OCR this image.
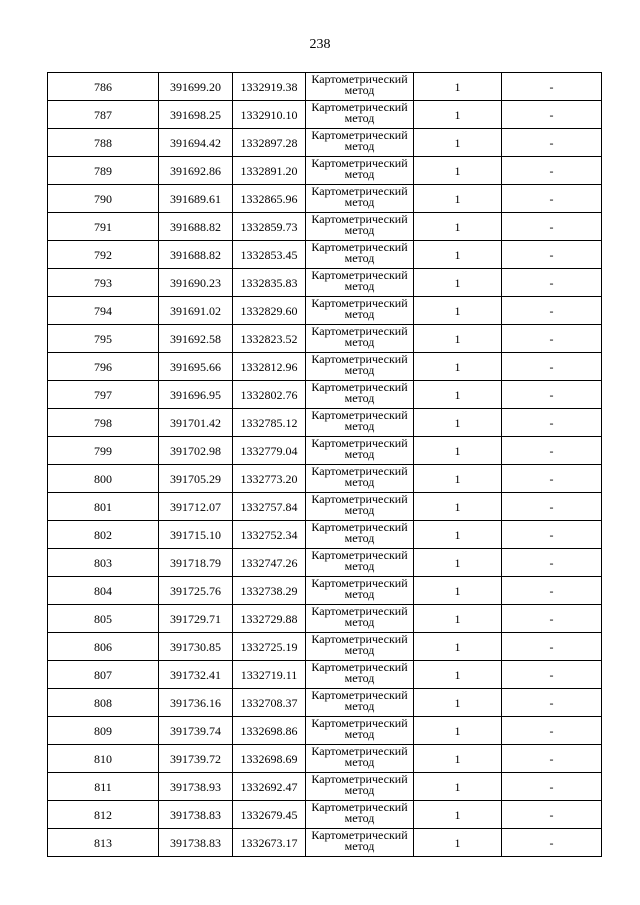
238
786	391699.20	1332919.38	Картометрический
метод	1	-
787	391698.25	1332910.10	Картометрический
метод	1	-
788	391694.42	1332897.28	Картометрический
метод	1	-
789	391692.86	1332891.20	Картометрический
метод	1	-
790	391689.61	1332865.96	Картометрический
метод	1	-
791	391688.82	1332859.73	Картометрический
метод	1	-
792	391688.82	1332853.45	Картометрический
метод	1	-
793	391690.23	1332835.83	Картометрический
метод	1	-
794	391691.02	1332829.60	Картометрический
метод	1	-
795	391692.58	1332823.52	Картометрический
метод	1	-
796	391695.66	1332812.96	Картометрический
метод	1	-
797	391696.95	1332802.76	Картометрический
метод	1	-
798	391701.42	1332785.12	Картометрический
метод	1	-
799	391702.98	1332779.04	Картометрический
метод	1	-
800	391705.29	1332773.20	Картометрический
метод	1	-
801	391712.07	1332757.84	Картометрический
метод	1	-
802	391715.10	1332752.34	Картометрический
метод	1	-
803	391718.79	1332747.26	Картометрический
метод	1	-
804	391725.76	1332738.29	Картометрический
метод	1	-
805	391729.71	1332729.88	Картометрический
метод	1	-
806	391730.85	1332725.19	Картометрический
метод	1	-
807	391732.41	1332719.11	Картометрический
метод	1	-
808	391736.16	1332708.37	Картометрический
метод	1	-
809	391739.74	1332698.86	Картометрический
метод	1	-
810	391739.72	1332698.69	Картометрический
метод	1	-
811	391738.93	1332692.47	Картометрический
метод	1	-
812	391738.83	1332679.45	Картометрический
метод	1	-
813	391738.83	1332673.17	Картометрический
метод	1	-
